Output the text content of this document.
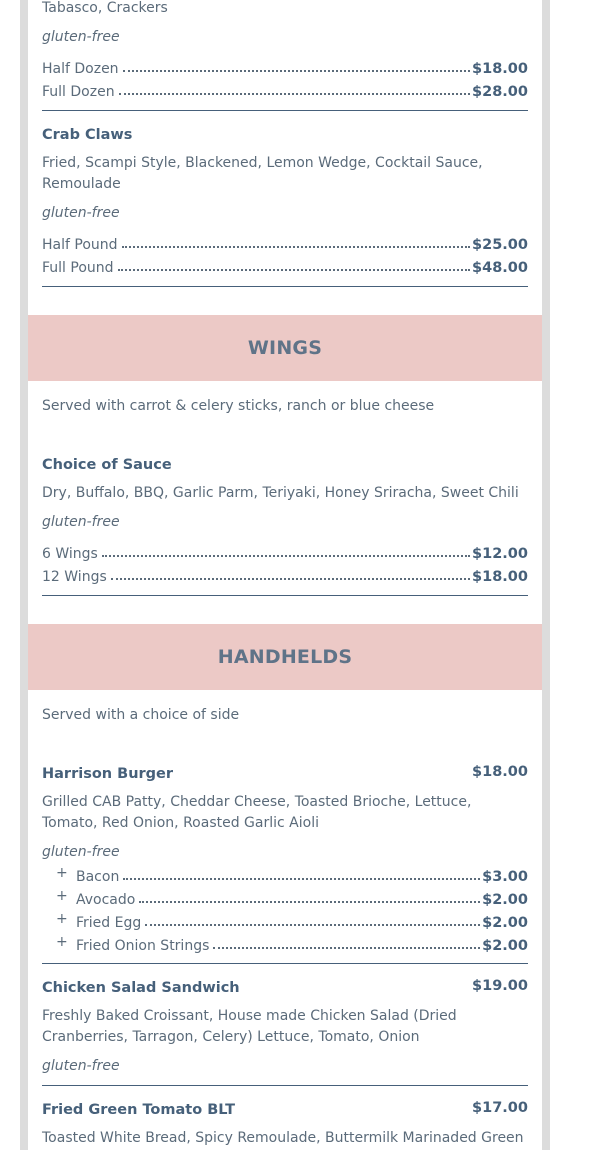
Tabasco, Crackers
gluten-free
Half Dozen	$18.00
Full Dozen	$28.00
Crab Claws
Fried, Scampi Style, Blackened, Lemon Wedge, Cocktail Sauce, Remoulade
gluten-free
Half Pound	$25.00
Full Pound	$48.00
WINGS
Served with carrot & celery sticks, ranch or blue cheese
Choice of Sauce
Dry, Buffalo, BBQ, Garlic Parm, Teriyaki, Honey Sriracha, Sweet Chili
gluten-free
6 Wings	$12.00
12 Wings	$18.00
HANDHELDS
Served with a choice of side
Harrison Burger	$18.00
Grilled CAB Patty, Cheddar Cheese, Toasted Brioche, Lettuce, Tomato, Red Onion, Roasted Garlic Aioli
gluten-free
+ Bacon	$3.00
+ Avocado	$2.00
+ Fried Egg	$2.00
+ Fried Onion Strings	$2.00
Chicken Salad Sandwich	$19.00
Freshly Baked Croissant, House made Chicken Salad (Dried Cranberries, Tarragon, Celery) Lettuce, Tomato, Onion
gluten-free
Fried Green Tomato BLT	$17.00
Toasted White Bread, Spicy Remoulade, Buttermilk Marinaded Green
